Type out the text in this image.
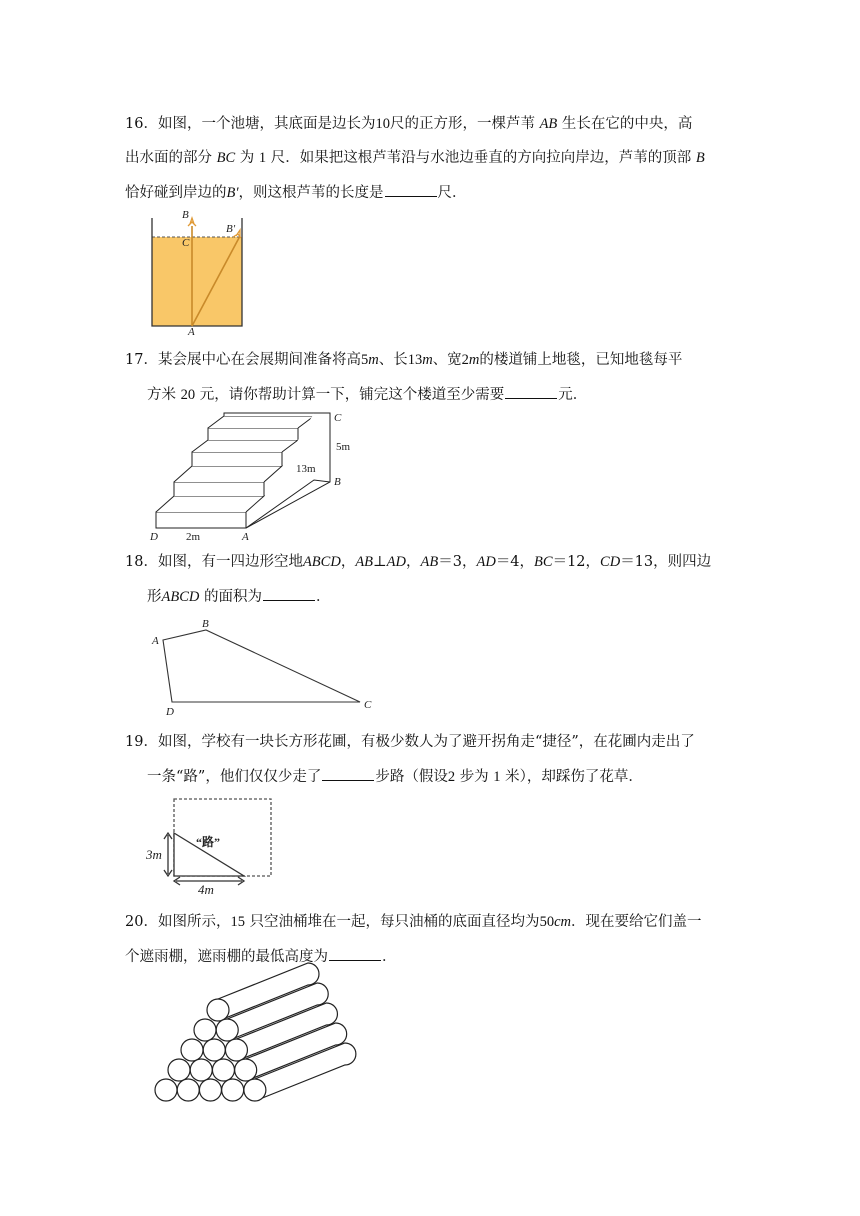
16．如图，一个池塘，其底面是边长为10尺的正方形，一棵芦苇 AB 生长在它的中央，高
出水面的部分 BC 为 1 尺．如果把这根芦苇沿与水池边垂直的方向拉向岸边，芦苇的顶部 B
恰好碰到岸边的B′，则这根芦苇的长度是	尺．
B
C
B′
A
17．某会展中心在会展期间准备将高5m、长13m、宽2m的楼道铺上地毯，已知地毯每平
方米 20 元，请你帮助计算一下，铺完这个楼道至少需要	元．
C
5m
13m
B
D	2m	A
18．如图，有一四边形空地ABCD，AB⊥AD，AB＝3，AD＝4，BC＝12，CD＝13，则四边
形ABCD 的面积为	．
A
B
C
D
19．如图，学校有一块长方形花圃，有极少数人为了避开拐角走“捷径”，在花圃内走出了
一条“路”，他们仅仅少走了	步路（假设2 步为 1 米），却踩伤了花草．
“路”
3m
4m
20．如图所示，15 只空油桶堆在一起，每只油桶的底面直径均为50cm．现在要给它们盖一
个遮雨棚，遮雨棚的最低高度为	．
